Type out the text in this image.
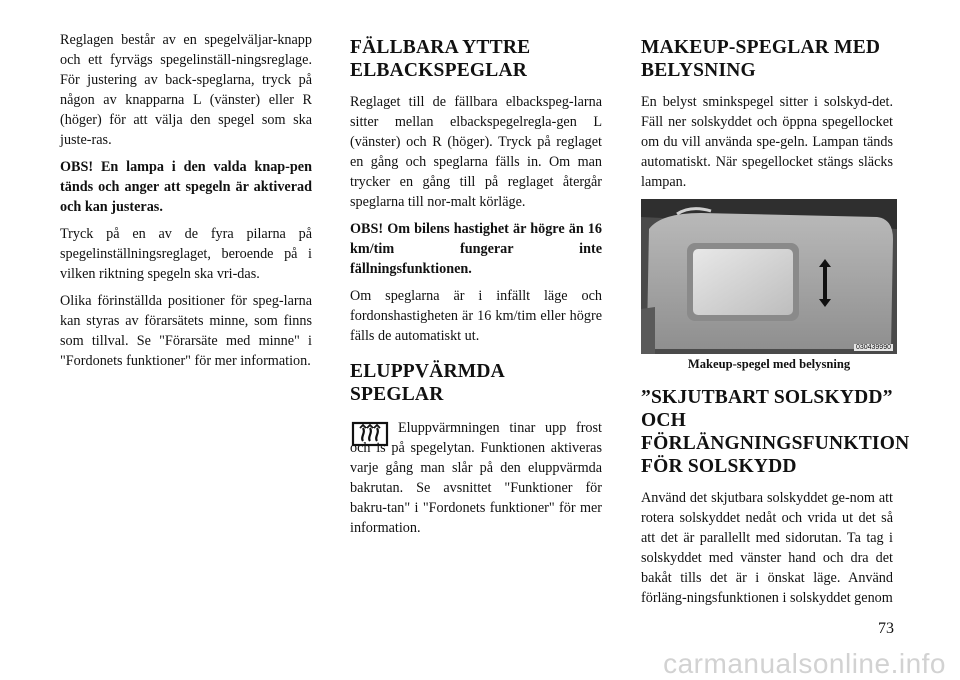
Reglagen består av en spegelväljar-knapp och ett fyrvägs spegelinställ-ningsreglage. För justering av back-speglarna, tryck på någon av knapparna L (vänster) eller R (höger) för att välja den spegel som ska juste-ras.

OBS! En lampa i den valda knap-pen tänds och anger att spegeln är aktiverad och kan justeras.

Tryck på en av de fyra pilarna på spegelinställningsreglaget, beroende på i vilken riktning spegeln ska vri-das.

Olika förinställda positioner för speg-larna kan styras av förarsätets minne, som finns som tillval. Se "Förarsäte med minne" i "Fordonets funktioner" för mer information.

FÄLLBARA YTTRE ELBACKSPEGLAR

Reglaget till de fällbara elbackspeg-larna sitter mellan elbackspegelregla-gen L (vänster) och R (höger). Tryck på reglaget en gång och speglarna fälls in. Om man trycker en gång till på reglaget återgår speglarna till nor-malt körläge.

OBS! Om bilens hastighet är högre än 16 km/tim fungerar inte fällningsfunktionen.

Om speglarna är i infällt läge och fordonshastigheten är 16 km/tim eller högre fälls de automatiskt ut.

ELUPPVÄRMDA SPEGLAR

Eluppvärmningen tinar upp frost och is på spegelytan. Funktionen aktiveras varje gång man slår på den eluppvärmda bakrutan. Se avsnittet "Funktioner för bakru-tan" i "Fordonets funktioner" för mer information.

MAKEUP-SPEGLAR MED BELYSNING

En belyst sminkspegel sitter i solskyd-det. Fäll ner solskyddet och öppna spegellocket om du vill använda spe-geln. Lampan tänds automatiskt. När spegellocket stängs släcks lampan.

030439990
Makeup-spegel med belysning
”SKJUTBART SOLSKYDD” OCH FÖRLÄNGNINGSFUNKTION FÖR SOLSKYDD

Använd det skjutbara solskyddet ge-nom att rotera solskyddet nedåt och vrida ut det så att det är parallellt med sidorutan. Ta tag i solskyddet med vänster hand och dra det bakåt tills det är i önskat läge. Använd förläng-ningsfunktionen i solskyddet genom

73
carmanualsonline.info
